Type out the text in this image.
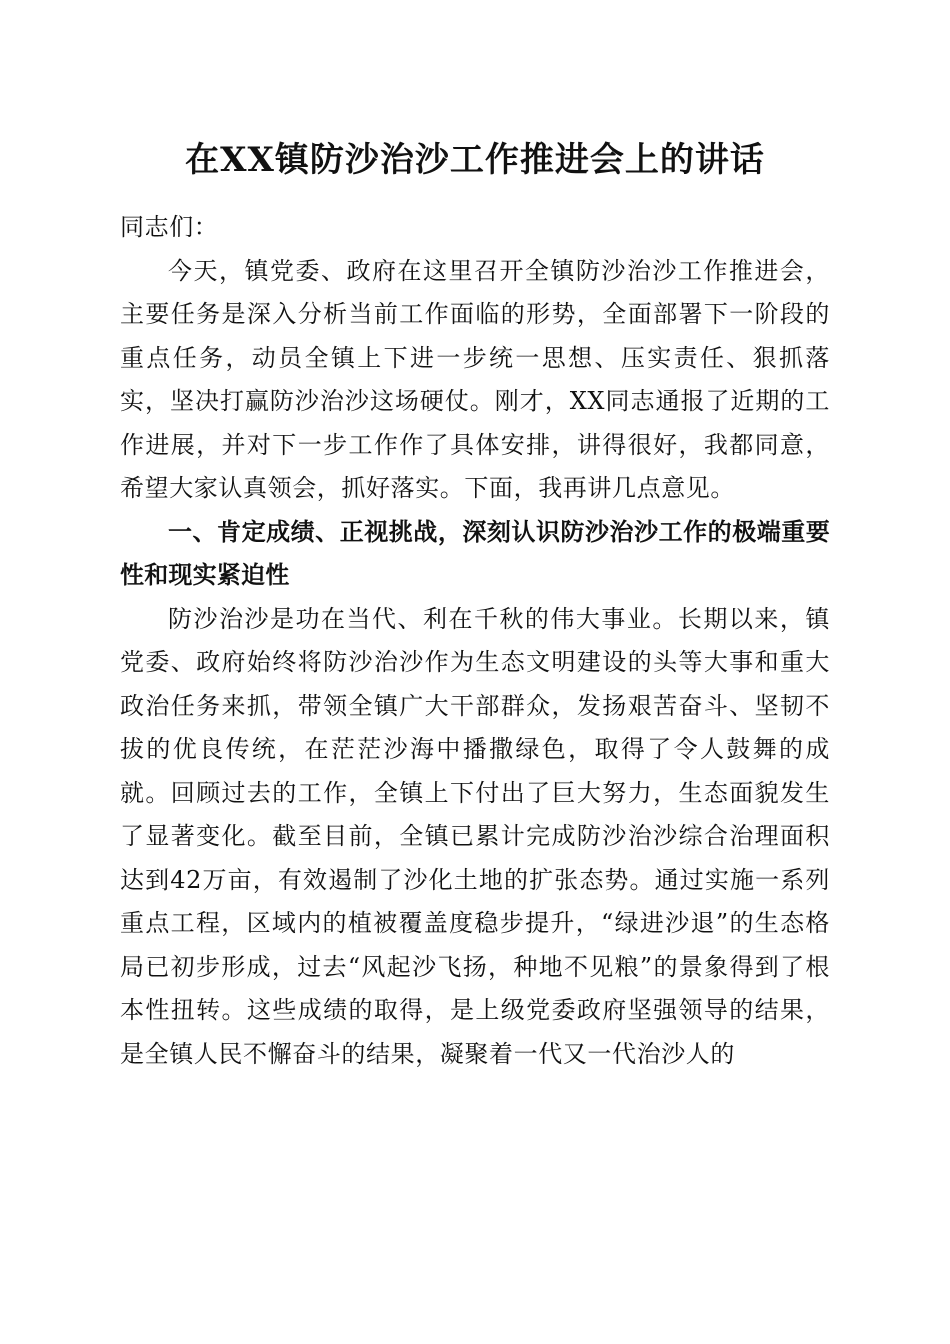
在XX镇防沙治沙工作推进会上的讲话

同志们：

今天，镇党委、政府在这里召开全镇防沙治沙工作推进会，主要任务是深入分析当前工作面临的形势，全面部署下一阶段的重点任务，动员全镇上下进一步统一思想、压实责任、狠抓落实，坚决打赢防沙治沙这场硬仗。刚才，XX同志通报了近期的工作进展，并对下一步工作作了具体安排，讲得很好，我都同意，希望大家认真领会，抓好落实。下面，我再讲几点意见。

一、肯定成绩、正视挑战，深刻认识防沙治沙工作的极端重要性和现实紧迫性

防沙治沙是功在当代、利在千秋的伟大事业。长期以来，镇党委、政府始终将防沙治沙作为生态文明建设的头等大事和重大政治任务来抓，带领全镇广大干部群众，发扬艰苦奋斗、坚韧不拔的优良传统，在茫茫沙海中播撒绿色，取得了令人鼓舞的成就。回顾过去的工作，全镇上下付出了巨大努力，生态面貌发生了显著变化。截至目前，全镇已累计完成防沙治沙综合治理面积达到42万亩，有效遏制了沙化土地的扩张态势。通过实施一系列重点工程，区域内的植被覆盖度稳步提升，“绿进沙退”的生态格局已初步形成，过去“风起沙飞扬，种地不见粮”的景象得到了根本性扭转。这些成绩的取得，是上级党委政府坚强领导的结果，是全镇人民不懈奋斗的结果，凝聚着一代又一代治沙人的
